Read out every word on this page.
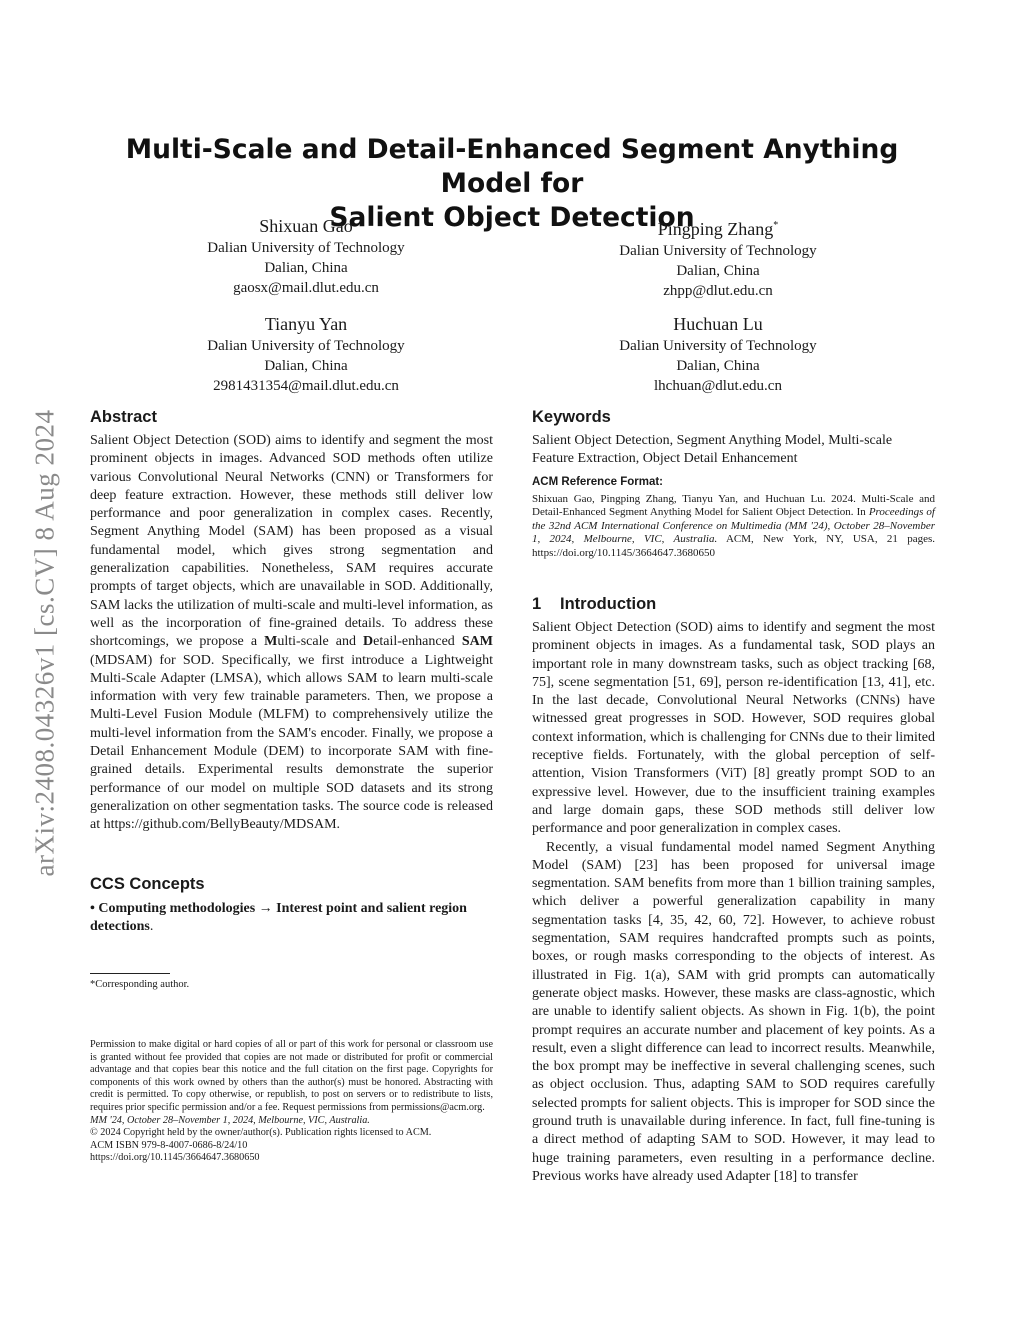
arXiv:2408.04326v1 [cs.CV] 8 Aug 2024
Multi-Scale and Detail-Enhanced Segment Anything Model for
Salient Object Detection
Shixuan Gao
Dalian University of Technology
Dalian, China
gaosx@mail.dlut.edu.cn
Pingping Zhang*
Dalian University of Technology
Dalian, China
zhpp@dlut.edu.cn
Tianyu Yan
Dalian University of Technology
Dalian, China
2981431354@mail.dlut.edu.cn
Huchuan Lu
Dalian University of Technology
Dalian, China
lhchuan@dlut.edu.cn
Abstract

Salient Object Detection (SOD) aims to identify and segment the most prominent objects in images. Advanced SOD methods often utilize various Convolutional Neural Networks (CNN) or Transformers for deep feature extraction. However, these methods still deliver low performance and poor generalization in complex cases. Recently, Segment Anything Model (SAM) has been proposed as a visual fundamental model, which gives strong segmentation and generalization capabilities. Nonetheless, SAM requires accurate prompts of target objects, which are unavailable in SOD. Additionally, SAM lacks the utilization of multi-scale and multi-level information, as well as the incorporation of fine-grained details. To address these shortcomings, we propose a Multi-scale and Detail-enhanced SAM (MDSAM) for SOD. Specifically, we first introduce a Lightweight Multi-Scale Adapter (LMSA), which allows SAM to learn multi-scale information with very few trainable parameters. Then, we propose a Multi-Level Fusion Module (MLFM) to comprehensively utilize the multi-level information from the SAM's encoder. Finally, we propose a Detail Enhancement Module (DEM) to incorporate SAM with fine-grained details. Experimental results demonstrate the superior performance of our model on multiple SOD datasets and its strong generalization on other segmentation tasks. The source code is released at https://github.com/BellyBeauty/MDSAM.

CCS Concepts

• Computing methodologies → Interest point and salient region detections.

*Corresponding author.

Permission to make digital or hard copies of all or part of this work for personal or classroom use is granted without fee provided that copies are not made or distributed for profit or commercial advantage and that copies bear this notice and the full citation on the first page. Copyrights for components of this work owned by others than the author(s) must be honored. Abstracting with credit is permitted. To copy otherwise, or republish, to post on servers or to redistribute to lists, requires prior specific permission and/or a fee. Request permissions from permissions@acm.org.

MM '24, October 28–November 1, 2024, Melbourne, VIC, Australia.

© 2024 Copyright held by the owner/author(s). Publication rights licensed to ACM.

ACM ISBN 979-8-4007-0686-8/24/10

https://doi.org/10.1145/3664647.3680650

Keywords

Salient Object Detection, Segment Anything Model, Multi-scale Feature Extraction, Object Detail Enhancement

ACM Reference Format:

Shixuan Gao, Pingping Zhang, Tianyu Yan, and Huchuan Lu. 2024. Multi-Scale and Detail-Enhanced Segment Anything Model for Salient Object Detection. In Proceedings of the 32nd ACM International Conference on Multimedia (MM '24), October 28–November 1, 2024, Melbourne, VIC, Australia. ACM, New York, NY, USA, 21 pages. https://doi.org/10.1145/3664647.3680650

1 Introduction

Salient Object Detection (SOD) aims to identify and segment the most prominent objects in images. As a fundamental task, SOD plays an important role in many downstream tasks, such as object tracking [68, 75], scene segmentation [51, 69], person re-identification [13, 41], etc. In the last decade, Convolutional Neural Networks (CNNs) have witnessed great progresses in SOD. However, SOD requires global context information, which is challenging for CNNs due to their limited receptive fields. Fortunately, with the global perception of self-attention, Vision Transformers (ViT) [8] greatly prompt SOD to an expressive level. However, due to the insufficient training examples and large domain gaps, these SOD methods still deliver low performance and poor generalization in complex cases.

Recently, a visual fundamental model named Segment Anything Model (SAM) [23] has been proposed for universal image segmentation. SAM benefits from more than 1 billion training samples, which deliver a powerful generalization capability in many segmentation tasks [4, 35, 42, 60, 72]. However, to achieve robust segmentation, SAM requires handcrafted prompts such as points, boxes, or rough masks corresponding to the objects of interest. As illustrated in Fig. 1(a), SAM with grid prompts can automatically generate object masks. However, these masks are class-agnostic, which are unable to identify salient objects. As shown in Fig. 1(b), the point prompt requires an accurate number and placement of key points. As a result, even a slight difference can lead to incorrect results. Meanwhile, the box prompt may be ineffective in several challenging scenes, such as object occlusion. Thus, adapting SAM to SOD requires carefully selected prompts for salient objects. This is improper for SOD since the ground truth is unavailable during inference. In fact, full fine-tuning is a direct method of adapting SAM to SOD. However, it may lead to huge training parameters, even resulting in a performance decline. Previous works have already used Adapter [18] to transfer
